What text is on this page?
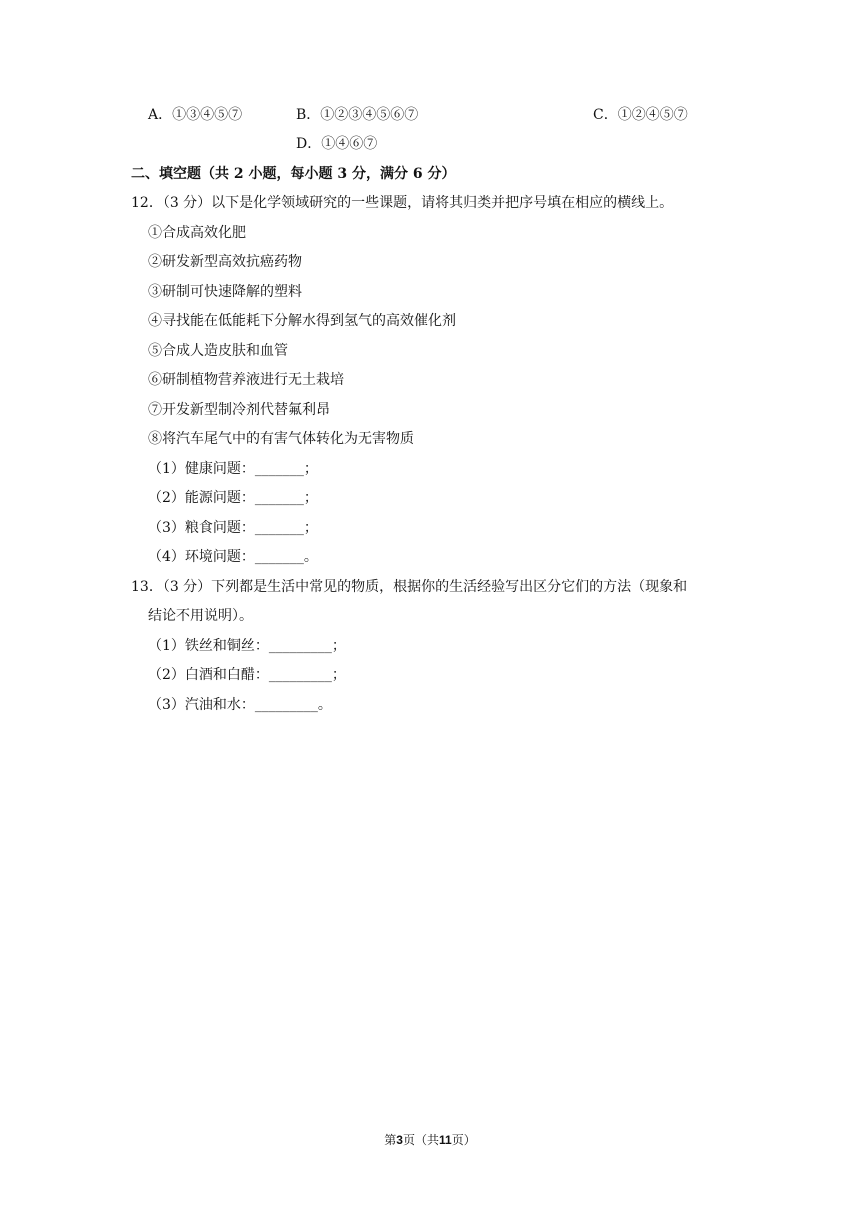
A．①③④⑤⑦	B．①②③④⑤⑥⑦	C．①②④⑤⑦
D．①④⑥⑦
二、填空题（共 2 小题，每小题 3 分，满分 6 分）
12．（3 分）以下是化学领域研究的一些课题，请将其归类并把序号填在相应的横线上。
①合成高效化肥
②研发新型高效抗癌药物
③研制可快速降解的塑料
④寻找能在低能耗下分解水得到氢气的高效催化剂
⑤合成人造皮肤和血管
⑥研制植物营养液进行无土栽培
⑦开发新型制冷剂代替氟利昂
⑧将汽车尾气中的有害气体转化为无害物质
（1）健康问题：_______；
（2）能源问题：_______；
（3）粮食问题：_______；
（4）环境问题：_______。
13．（3 分）下列都是生活中常见的物质，根据你的生活经验写出区分它们的方法（现象和
结论不用说明）。
（1）铁丝和铜丝：_________；
（2）白酒和白醋：_________；
（3）汽油和水：_________。
第3页（共11页）
